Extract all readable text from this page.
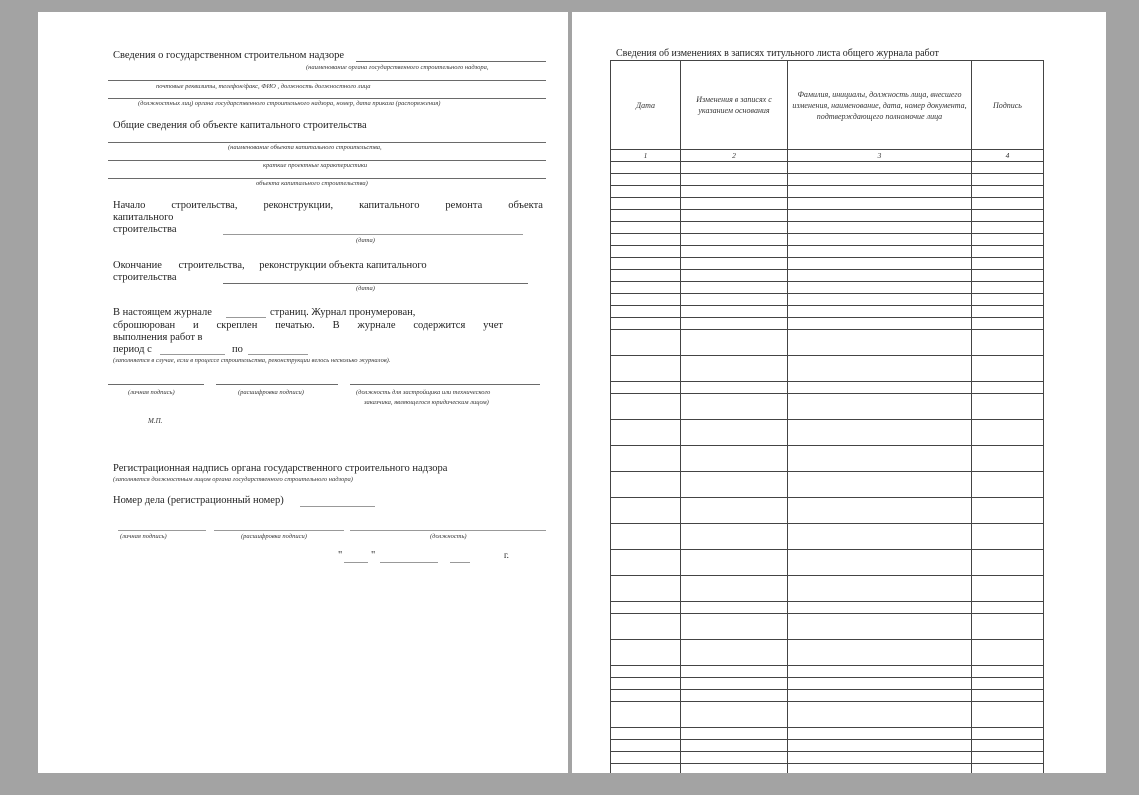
Сведения о государственном строительном надзоре
(наименование органа государственного строительного надзора,
почтовые реквизиты, телефон/факс, ФИО , должность должностного лица
(должностных лиц) органа государственного строительного надзора, номер, дата приказа (распоряжения)
Общие сведения об объекте капитального строительства
(наименование объекта капитального строительства,
краткие проектные характеристики
объекта капитального строительства)
Начало строительства, реконструкции, капитального ремонта объекта
капитального
строительства
(дата)
Окончание строительства, реконструкции объекта капитального
строительства
(дата)
В настоящем журнале	страниц. Журнал пронумерован,
сброшюрован и скреплен печатью. В журнале содержится учет
выполнения работ в
период с	по
(заполняется в случае, если в процессе строительства, реконструкции велось несколько журналов).
(личная подпись)	(расшифровка подписи)	(должность для застройщика или технического
заказчика, являющегося юридическим лицом)
М.П.
Регистрационная надпись органа государственного строительного надзора
(заполняется должностным лицом органа государственного строительного надзора)
Номер дела (регистрационный номер)
(личная подпись)	(расшифровка подписи)	(должность)
"	"	г.
Сведения об изменениях в записях титульного листа общего журнала работ
Дата	Изменения в записях с указанием основания	Фамилия, инициалы, должность лица, внесшего изменения, наименование, дата, номер документа, подтверждающего полномочие лица	Подпись
1	2	3	4
